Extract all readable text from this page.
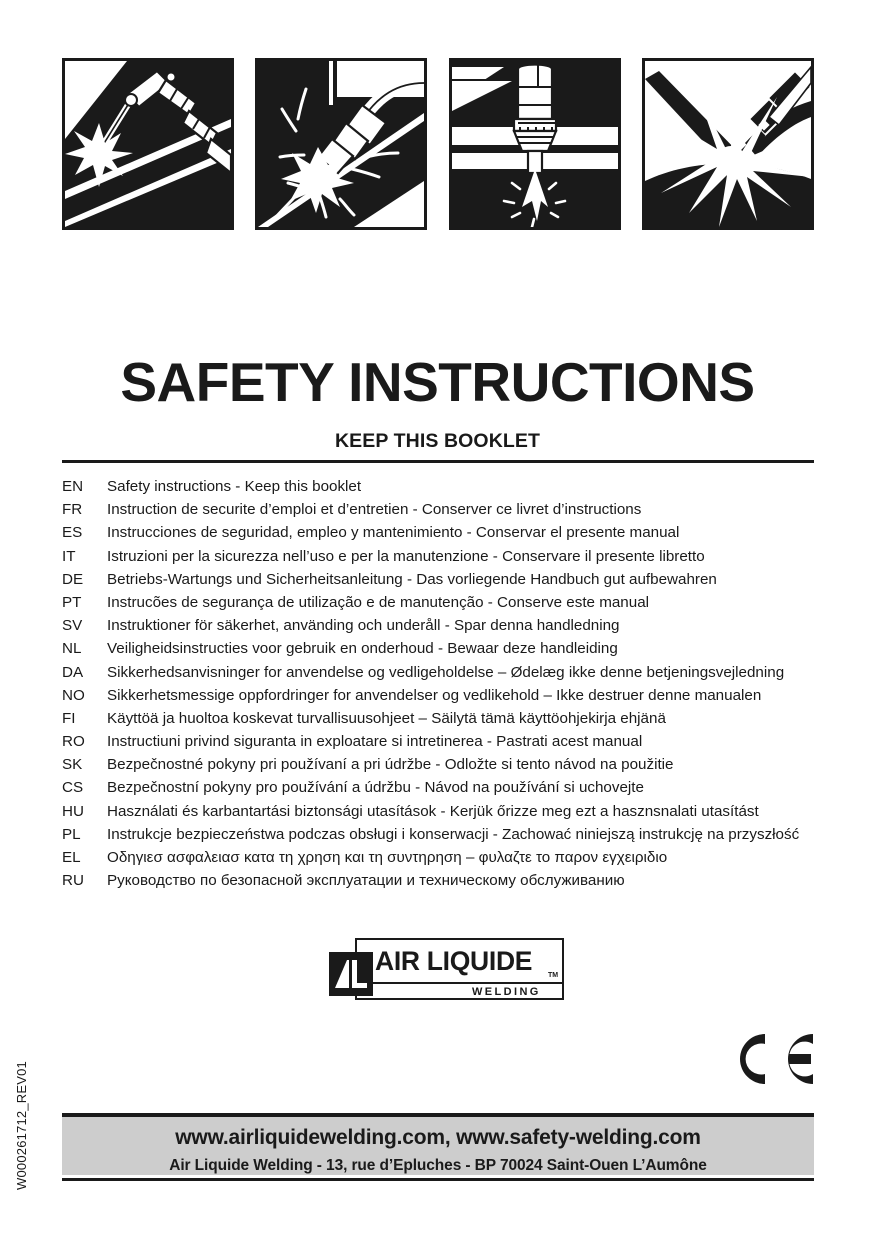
W000261712_REV01
SAFETY INSTRUCTIONS
KEEP THIS BOOKLET
EN	Safety instructions - Keep this booklet
FR	Instruction de securite d’emploi et d’entretien - Conserver ce livret d’instructions
ES	Instrucciones de seguridad, empleo y mantenimiento - Conservar el presente manual
IT	Istruzioni per la sicurezza nell’uso e per la manutenzione - Conservare il presente libretto
DE	Betriebs-Wartungs und Sicherheitsanleitung - Das vorliegende Handbuch gut aufbewahren
PT	Instrucões de segurança de utilização e de manutenção - Conserve este manual
SV	Instruktioner för säkerhet, använding och underåll - Spar denna handledning
NL	Veiligheidsinstructies voor gebruik en onderhoud - Bewaar deze handleiding
DA	Sikkerhedsanvisninger for anvendelse og vedligeholdelse – Ødelæg ikke denne betjeningsvejledning
NO	Sikkerhetsmessige oppfordringer for anvendelser og vedlikehold – Ikke destruer denne manualen
FI	Käyttöä ja huoltoa koskevat turvallisuusohjeet – Säilytä tämä käyttöohjekirja ehjänä
RO	Instructiuni privind siguranta in exploatare si intretinerea - Pastrati acest manual
SK	Bezpečnostné pokyny pri používaní a pri údržbe - Odložte si tento návod na použitie
CS	Bezpečnostní pokyny pro používání a údržbu - Návod na používání si uchovejte
HU	Használati és karbantartási biztonsági utasítások - Kerjük őrizze meg ezt a hasznsnalati utasítást
PL	Instrukcje bezpieczeństwa podczas obsługi i konserwacji - Zachować niniejszą instrukcję na przyszłość
EL	Οδηγιεσ ασφαλειασ κατα τη χρηση και τη συντηρηση – φυλαζτε το παρον εγχειριδιο
RU	Руководство по безопасной эксплуатации и техническому обслуживанию
AIR LIQUIDE TM
WELDING
www.airliquidewelding.com, www.safety-welding.com
Air Liquide Welding - 13, rue d’Epluches - BP 70024 Saint-Ouen L’Aumône
